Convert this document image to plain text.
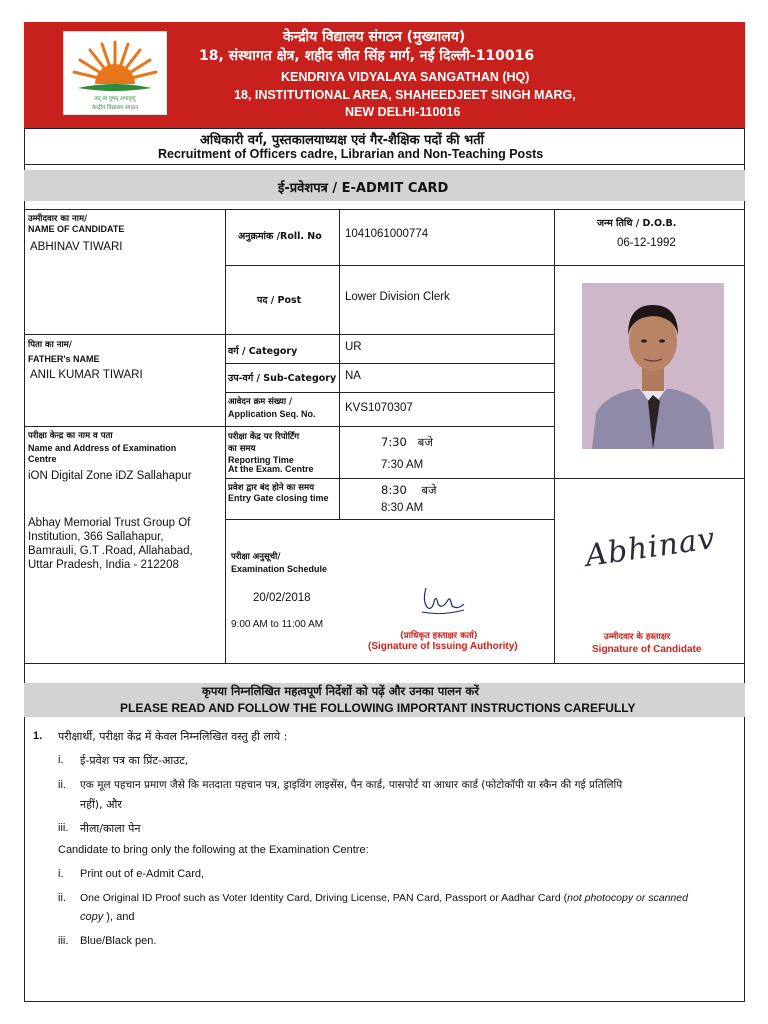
तत् त्वं पूषन् अपावृणु
केन्द्रीय विद्यालय संगठन
केन्द्रीय विद्यालय संगठन (मुख्यालय)
18, संस्थागत क्षेत्र, शहीद जीत सिंह मार्ग, नई दिल्ली-110016
KENDRIYA VIDYALAYA SANGATHAN (HQ)
18, INSTITUTIONAL AREA, SHAHEEDJEET SINGH MARG,
NEW DELHI-110016
अधिकारी वर्ग, पुस्तकालयाध्यक्ष एवं गैर-शैक्षिक पदों की भर्ती
Recruitment of Officers cadre, Librarian and Non-Teaching Posts
ई-प्रवेशपत्र / E-ADMIT CARD
उम्मीदवार का नाम/
NAME OF CANDIDATE
ABHINAV TIWARI
अनुक्रमांक /Roll. No 1041061000774
जन्म तिथि / D.O.B.
06-12-1992
पद / Post	Lower Division Clerk
पिता का नाम/
FATHER's NAME
ANIL KUMAR TIWARI
वर्ग / Category	UR
उप-वर्ग / Sub-Category NA
आवेदन क्रम संख्या /
Application Seq. No.	KVS1070307
परीक्षा केन्द्र का नाम व पता
Name and Address of Examination
Centre
iON Digital Zone iDZ Sallahapur
Abhay Memorial Trust Group Of
Institution, 366 Sallahapur,
Bamrauli, G.T .Road, Allahabad,
Uttar Pradesh, India - 212208
परीक्षा केंद्र पर रिपोर्टिंग
का समय
Reporting Time
At the Exam. Centre
7:30   बजे
7:30 AM
प्रवेश द्वार बंद होने का समय
Entry Gate closing time
8:30    बजे
8:30 AM
परीक्षा अनुसूची/
Examination Schedule
20/02/2018
9:00 AM to 11:00 AM
(प्राधिकृत हस्ताक्षर कर्ता)
(Signature of Issuing Authority)
Abhinav
उम्मीदवार के हस्ताक्षर
Signature of Candidate
कृपया निम्नलिखित महत्वपूर्ण निर्देशों को पढ़ें और उनका पालन करें
PLEASE READ AND FOLLOW THE FOLLOWING IMPORTANT INSTRUCTIONS CAREFULLY
1. परीक्षार्थी, परीक्षा केंद्र में केवल निम्नलिखित वस्तु ही लाये :
i. ई-प्रवेश पत्र का प्रिंट-आउट,
ii. एक मूल पहचान प्रमाण जैसे कि मतदाता पहचान पत्र, ड्राइविंग लाइसेंस, पैन कार्ड, पासपोर्ट या आधार कार्ड (फोटोकॉपी या स्कैन की गई प्रतिलिपि
नहीं), और
iii. नीला/काला पेन
Candidate to bring only the following at the Examination Centre:
i. Print out of e-Admit Card,
ii. One Original ID Proof such as Voter Identity Card, Driving License, PAN Card, Passport or Aadhar Card (not photocopy or scanned
copy ), and
iii. Blue/Black pen.
